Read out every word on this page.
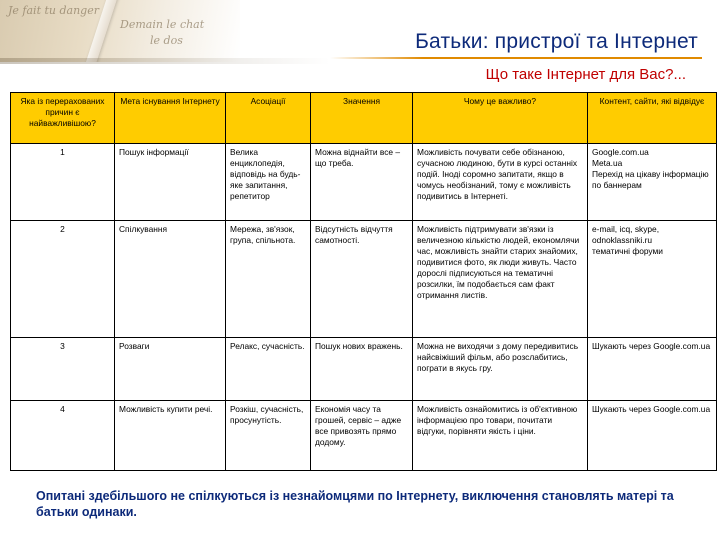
Je fait tu danger
Demain le chat
le dos	Батьки: пристрої та Інтернет
Що таке Інтернет для Вас?...
Яка із перерахованих причин є найважливішою?	Мета існування Інтернету	Асоціації	Значення	Чому це важливо?	Контент, сайти, які відвідує
1	Пошук інформації	Велика енциклопедія, відповідь на будь-яке запитання, репетитор	Можна віднайти все – що треба.	Можливість почувати себе обізнаною, сучасною людиною, бути в курсі останніх подій. Іноді соромно запитати, якщо в чомусь необізнаний, тому є можливість подивитись в Інтернеті.	Google.com.ua
Meta.ua
Перехід на цікаву інформацію по баннерам

2	Спілкування	Мережа, зв'язок, група, спільнота.	Відсутність відчуття самотності.	Можливість підтримувати зв'язки із величезною кількістю людей, економлячи час, можливість знайти старих знайомих, подивитися фото, як люди живуть. Часто дорослі підписуються на тематичні розсилки, їм подобається сам факт отримання листів.	e-mail, icq, skype, odnoklassniki.ru
тематичні форуми

3	Розваги	Релакс, сучасність.	Пошук нових вражень.	Можна не виходячи з дому передивитись найсвіжіший фільм, або розслабитись, пограти в якусь гру.	Шукають через Google.com.ua

4	Можливість купити речі.	Розкіш, сучасність, просунутість.	Економія часу та грошей, сервіс – адже все привозять прямо додому.	Можливість ознайомитись із об'єктивною інформацією про товари, почитати відгуки, порівняти якість і ціни.	Шукають через Google.com.ua
Опитані здебільшого не спілкуються із незнайомцями по Інтернету, виключення становлять матері та батьки одинаки.
